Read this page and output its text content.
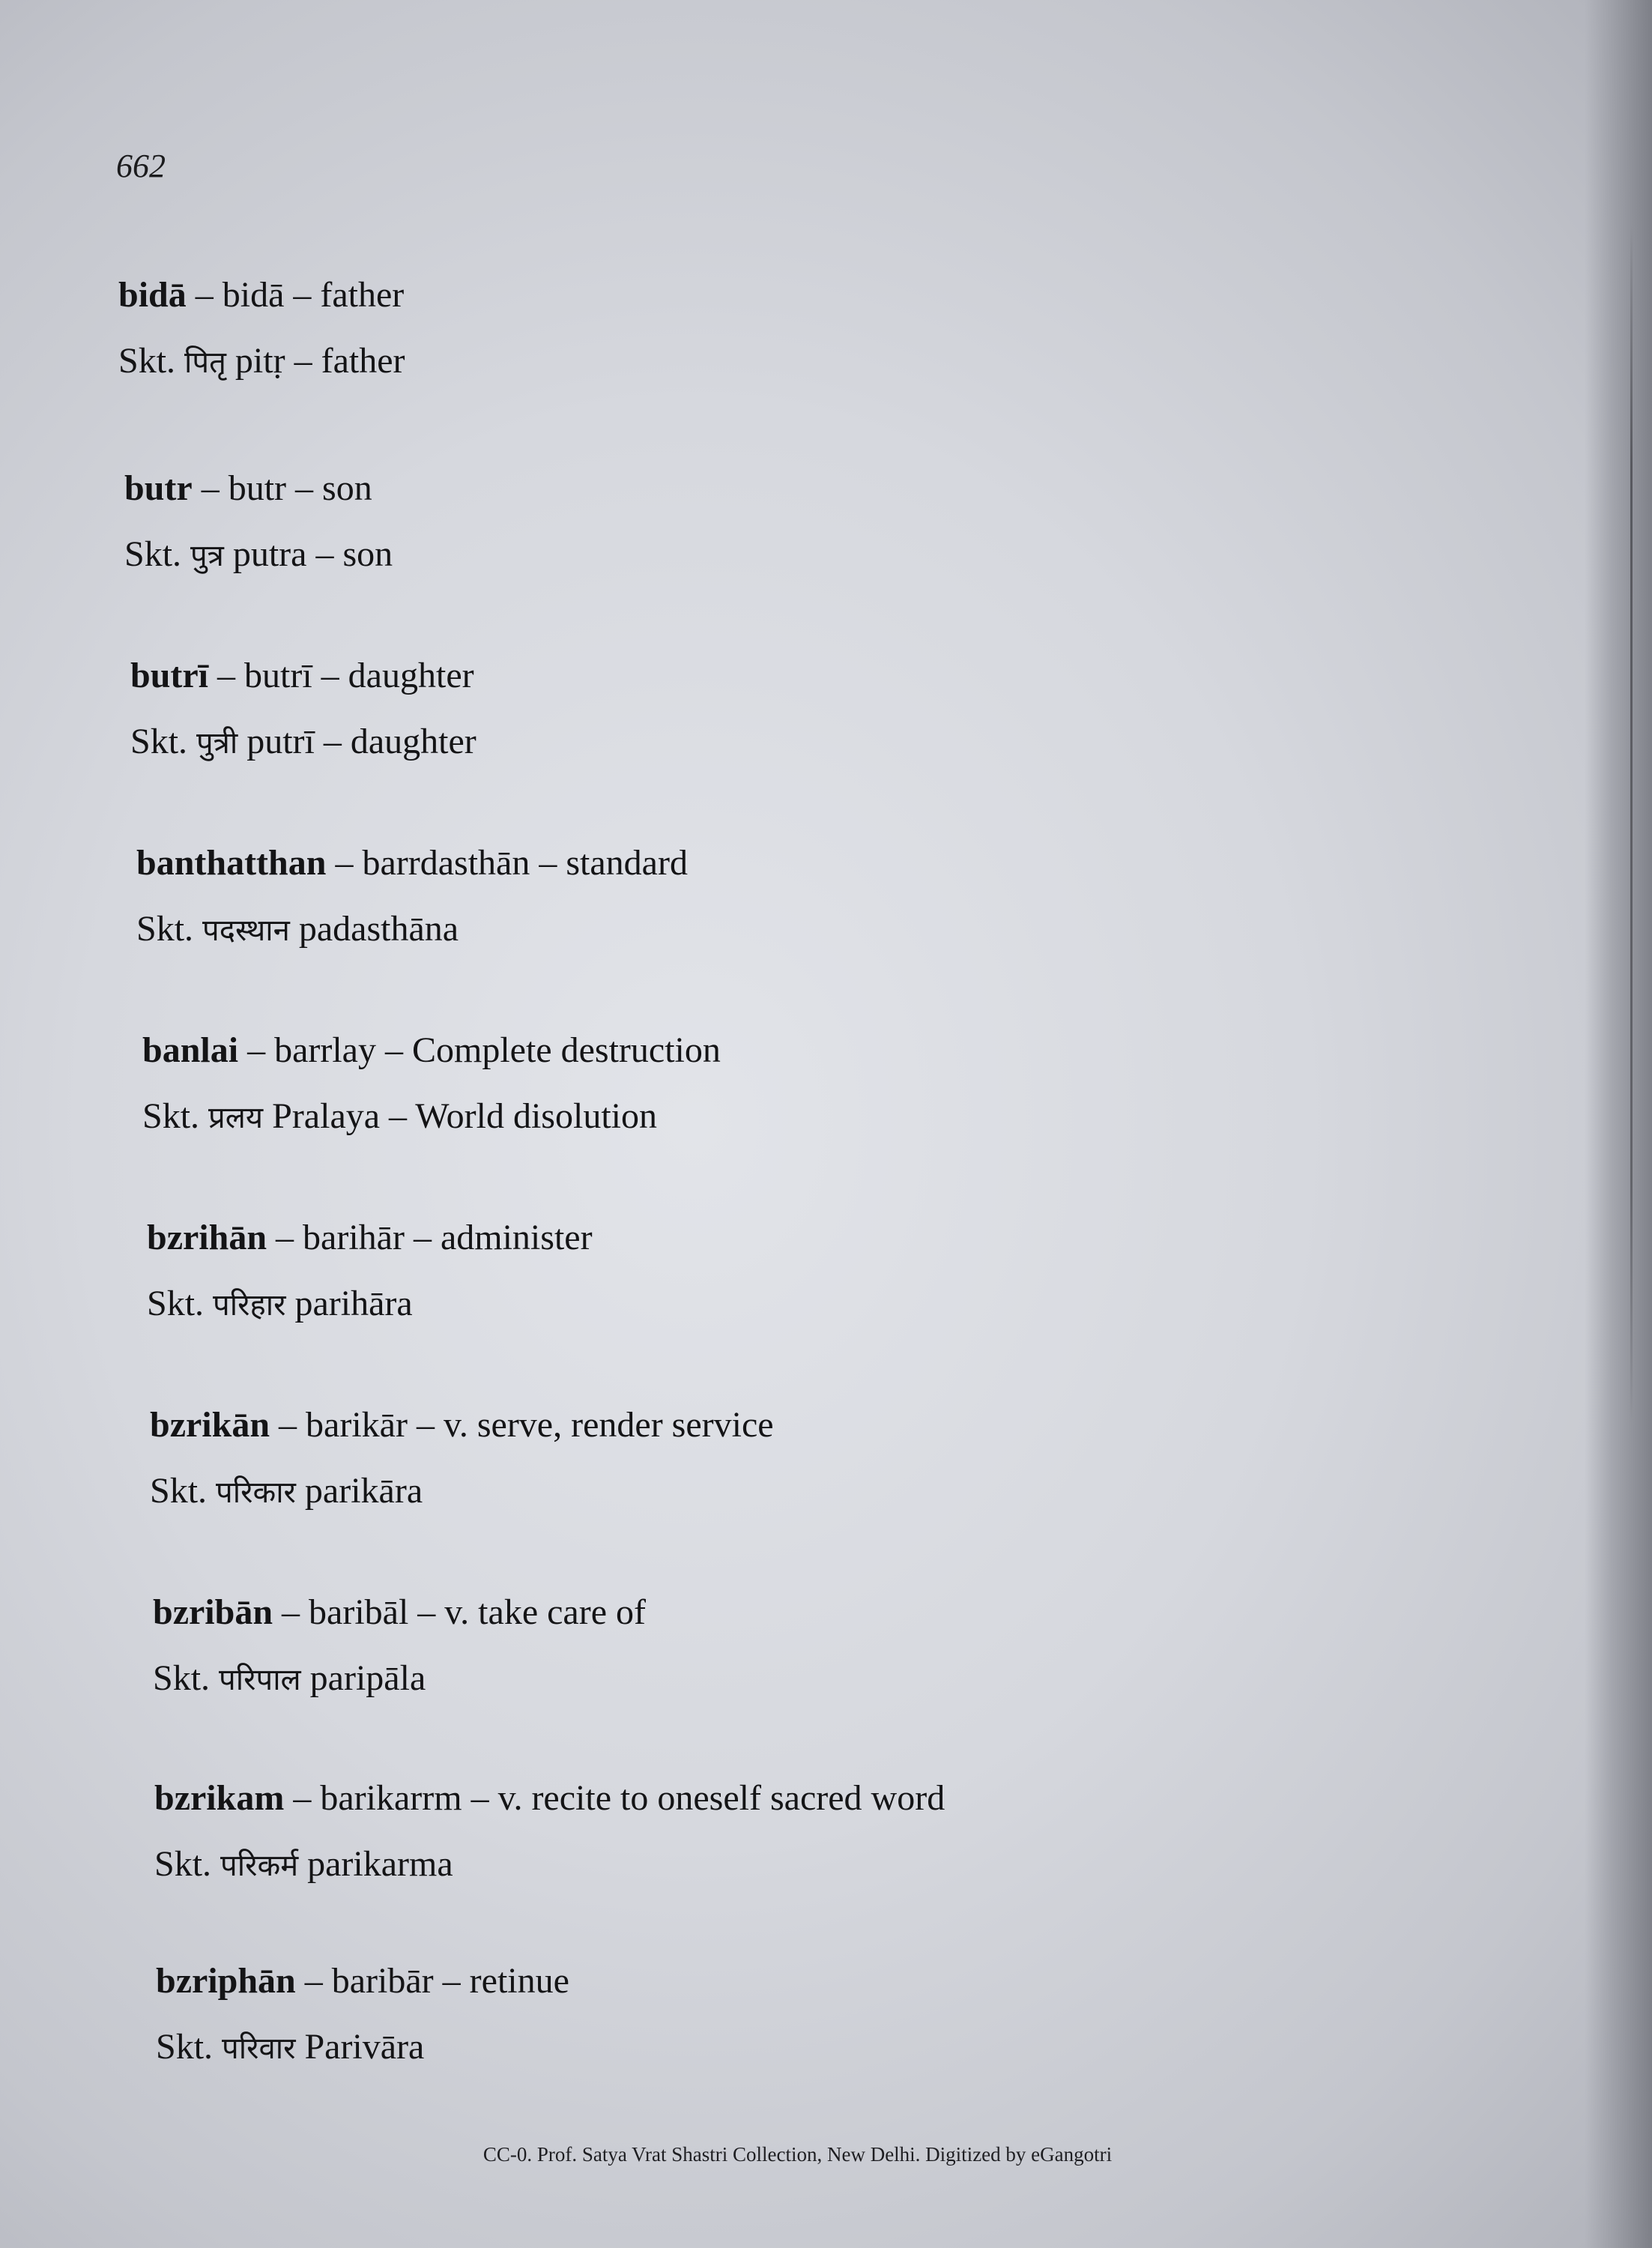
662

bidā – bidā – father
Skt. पितृ pitṛ – father
butr – butr – son
Skt. पुत्र putra – son
butrī – butrī – daughter
Skt. पुत्री putrī – daughter
banthatthan – barrdasthān – standard
Skt. पदस्थान padasthāna
banlai – barrlay – Complete destruction
Skt. प्रलय Pralaya – World disolution
bzrihān – barihār – administer
Skt. परिहार parihāra
bzrikān – barikār – v. serve, render service
Skt. परिकार parikāra
bzribān – baribāl – v. take care of
Skt. परिपाल paripāla
bzrikam – barikarrm – v. recite to oneself sacred word
Skt. परिकर्म parikarma
bzriphān – baribār – retinue
Skt. परिवार Parivāra
CC-0. Prof. Satya Vrat Shastri Collection, New Delhi. Digitized by eGangotri
